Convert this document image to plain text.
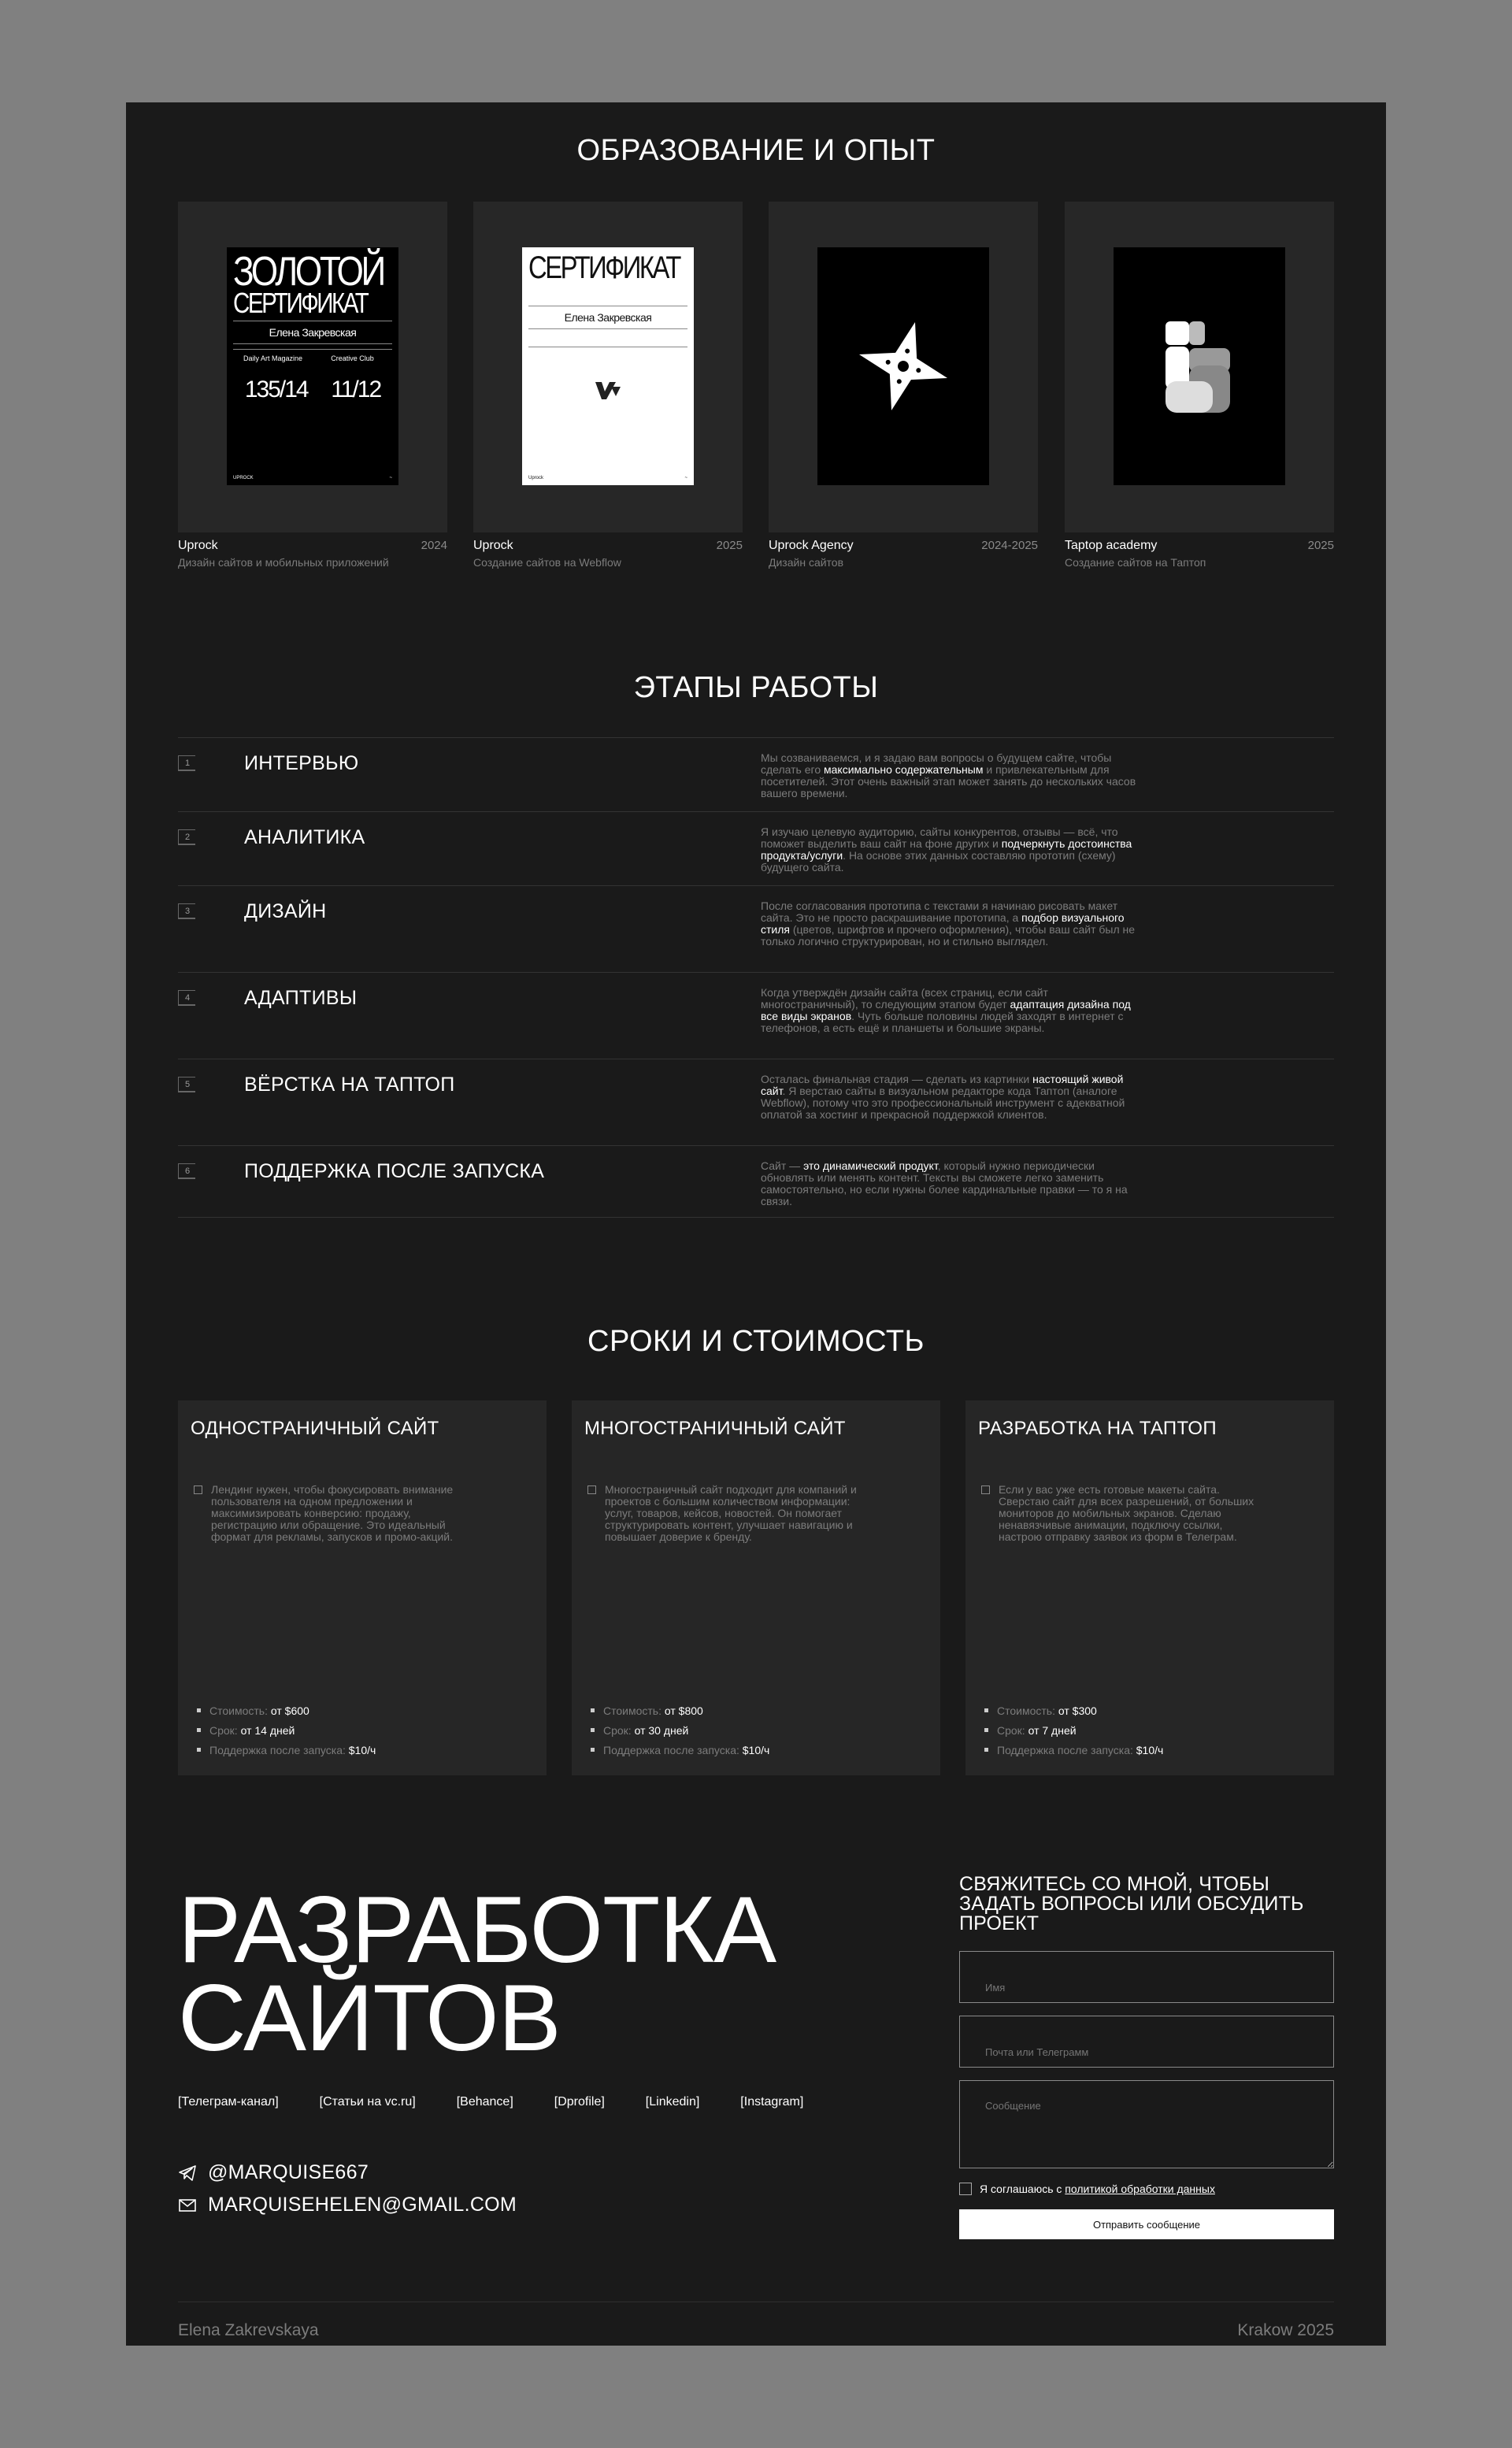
ОБРАЗОВАНИЕ И ОПЫТ
ЗОЛОТОЙ
СЕРТИФИКАТ
Елена Закревская
Daily Art Magazine	Creative Club
135/14 11/12
UPROCK	~
Uprock	2024
Дизайн сайтов и мобильных приложений
СЕРТИФИКАТ
Елена Закревская
Uprock	~
Uprock	2025
Создание сайтов на Webflow
Uprock Agency	2024-2025
Дизайн сайтов
Taptop academy	2025
Создание сайтов на Таптоп
ЭТАПЫ РАБОТЫ
1	ИНТЕРВЬЮ	Мы созваниваемся, и я задаю вам вопросы о будущем сайте, чтобы сделать его максимально содержательным и привлекательным для посетителей. Этот очень важный этап может занять до нескольких часов вашего времени.
2	АНАЛИТИКА	Я изучаю целевую аудиторию, сайты конкурентов, отзывы — всё, что поможет выделить ваш сайт на фоне других и подчеркнуть достоинства продукта/услуги. На основе этих данных составляю прототип (схему) будущего сайта.
3	ДИЗАЙН	После согласования прототипа с текстами я начинаю рисовать макет сайта. Это не просто раскрашивание прототипа, а подбор визуального стиля (цветов, шрифтов и прочего оформления), чтобы ваш сайт был не только логично структурирован, но и стильно выглядел.
4	АДАПТИВЫ	Когда утверждён дизайн сайта (всех страниц, если сайт многостраничный), то следующим этапом будет адаптация дизайна под все виды экранов. Чуть больше половины людей заходят в интернет с телефонов, а есть ещё и планшеты и большие экраны.
5	ВЁРСТКА НА ТАПТОП	Осталась финальная стадия — сделать из картинки настоящий живой сайт. Я верстаю сайты в визуальном редакторе кода Таптоп (аналоге Webflow), потому что это профессиональный инструмент с адекватной оплатой за хостинг и прекрасной поддержкой клиентов.
6	ПОДДЕРЖКА ПОСЛЕ ЗАПУСКА	Сайт — это динамический продукт, который нужно периодически обновлять или менять контент. Тексты вы сможете легко заменить самостоятельно, но если нужны более кардинальные правки — то я на связи.
СРОКИ И СТОИМОСТЬ
ОДНОСТРАНИЧНЫЙ САЙТ
Лендинг нужен, чтобы фокусировать внимание пользователя на одном предложении и максимизировать конверсию: продажу, регистрацию или обращение. Это идеальный формат для рекламы, запусков и промо-акций.
Стоимость: от $600
Срок: от 14 дней
Поддержка после запуска: $10/ч
МНОГОСТРАНИЧНЫЙ САЙТ
Многостраничный сайт подходит для компаний и проектов с большим количеством информации: услуг, товаров, кейсов, новостей. Он помогает структурировать контент, улучшает навигацию и повышает доверие к бренду.
Стоимость: от $800
Срок: от 30 дней
Поддержка после запуска: $10/ч
РАЗРАБОТКА НА ТАПТОП
Если у вас уже есть готовые макеты сайта. Сверстаю сайт для всех разрешений, от больших мониторов до мобильных экранов. Сделаю ненавязчивые анимации, подключу ссылки, настрою отправку заявок из форм в Телеграм.
Стоимость: от $300
Срок: от 7 дней
Поддержка после запуска: $10/ч
РАЗРАБОТКА
САЙТОВ
[Телеграм-канал]	[Статьи на vc.ru]	[Behance]	[Dprofile]	[Linkedin]	[Instagram]
@MARQUISE667
MARQUISEHELEN@GMAIL.COM
СВЯЖИТЕСЬ СО МНОЙ, ЧТОБЫ ЗАДАТЬ ВОПРОСЫ ИЛИ ОБСУДИТЬ ПРОЕКТ
Имя
Почта или Телеграмм
Сообщение
Я соглашаюсь с политикой обработки данных
Отправить сообщение
Elena Zakrevskaya	Krakow 2025
